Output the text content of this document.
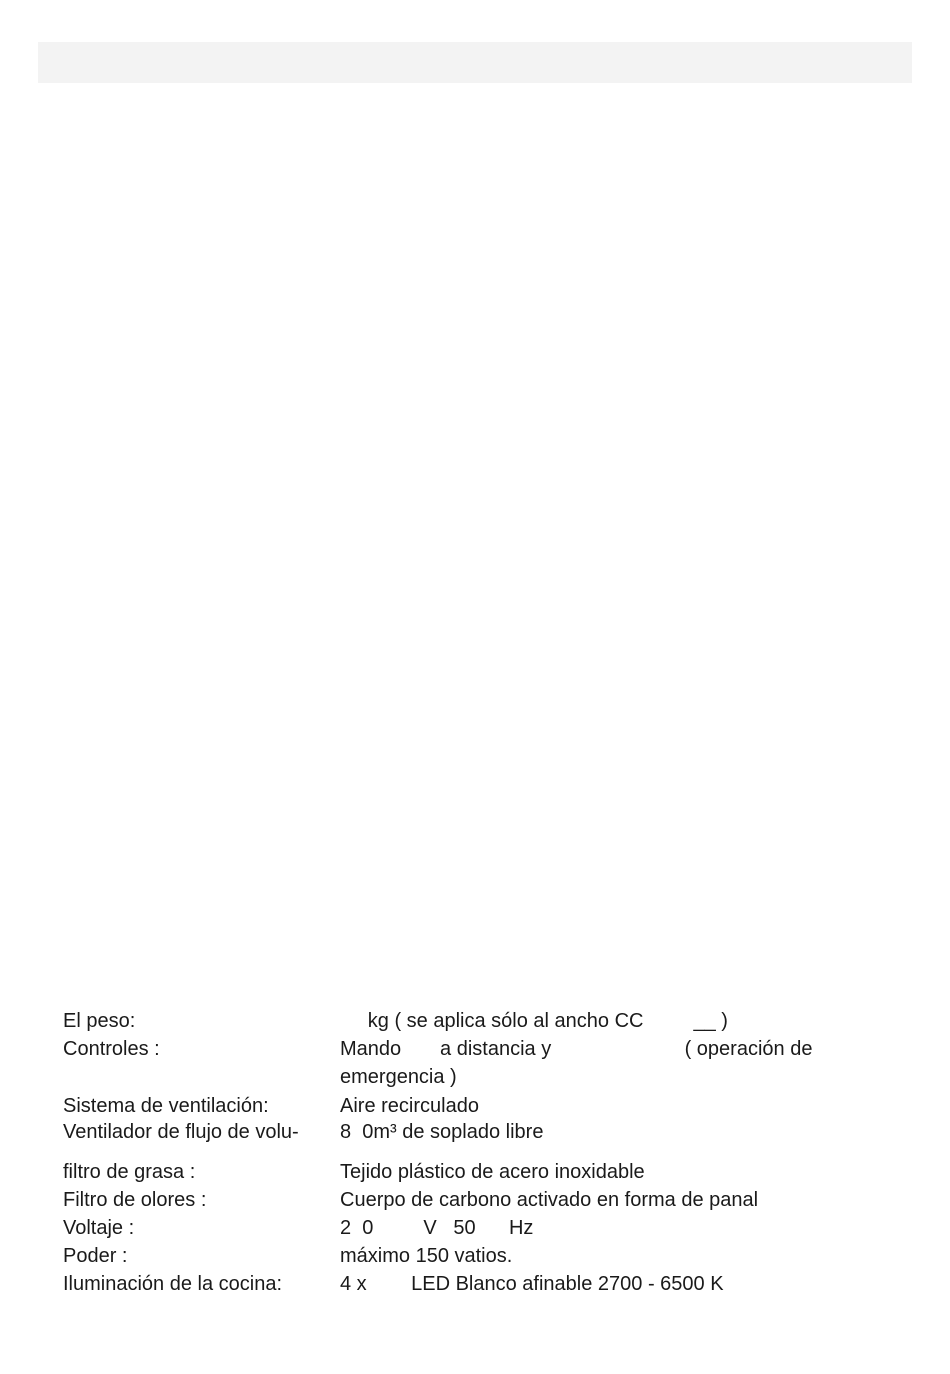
El peso:	kg ( se aplica sólo al ancho CC         __ )
Controles :	Mando       a distancia y                        ( operación de
emergencia )
Sistema de ventilación:	Aire recirculado
Ventilador de flujo de volu-	8  0m³ de soplado libre
filtro de grasa :	Tejido plástico de acero inoxidable
Filtro de olores :	Cuerpo de carbono activado en forma de panal
Voltaje :	2  0         V   50      Hz
Poder :	máximo 150 vatios.
Iluminación de la cocina:	4 x        LED Blanco afinable 2700 - 6500 K
